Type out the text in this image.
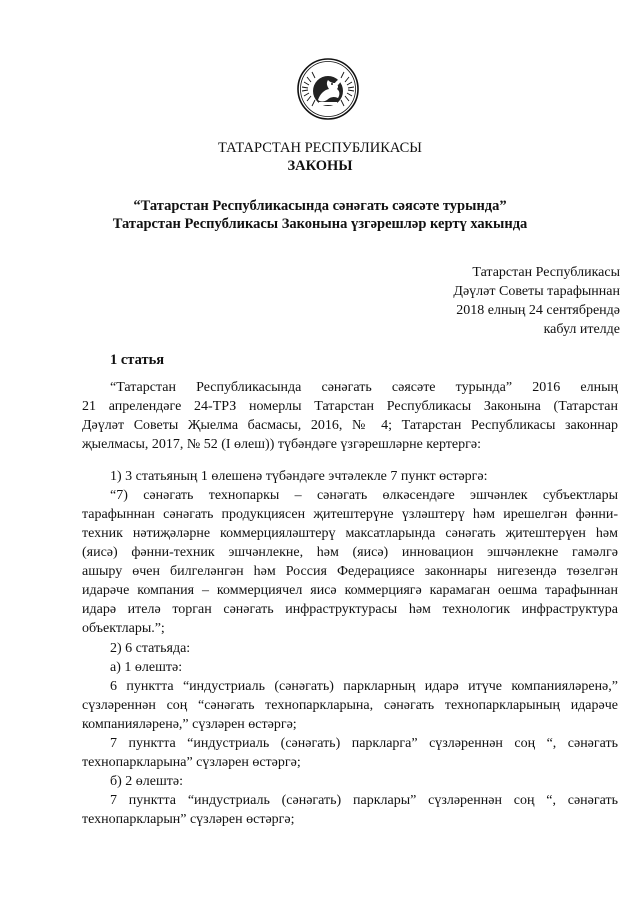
ТАТАРСТАН РЕСПУБЛИКАСЫ
ЗАКОНЫ
“Татарстан Республикасында сәнәгать сәясәте турында”
Татарстан Республикасы Законына үзгәрешләр кертү хакында
Татарстан Республикасы
Дәүләт Советы тарафыннан
2018 елның 24 сентябрендә
кабул ителде
1 статья
“Татарстан Республикасында сәнәгать сәясәте турында” 2016 елның
21 апрелендәге 24-ТРЗ номерлы Татарстан Республикасы Законына (Татарстан
Дәүләт Советы Җыелма басмасы, 2016, № 4; Татарстан Республикасы законнар
җыелмасы, 2017, № 52 (I өлеш)) түбәндәге үзгәрешләрне кертергә:
1) 3 статьяның 1 өлешенә түбәндәге эчтәлекле 7 пункт өстәргә:
“7) сәнәгать технопаркы – сәнәгать өлкәсендәге эшчәнлек субъектлары
тарафыннан сәнәгать продукциясен җитештерүне үзләштерү һәм ирешелгән фәнни-
техник нәтиҗәләрне коммерцияләштерү максатларында сәнәгать җитештерүен һәм
(яисә) фәнни-техник эшчәнлекне, һәм (яисә) инновацион эшчәнлекне гамәлгә
ашыру өчен билгеләнгән һәм Россия Федерациясе законнары нигезендә төзелгән
идарәче компания – коммерциячел яисә коммерциягә карамаган оешма тарафыннан
идарә ителә торган сәнәгать инфраструктурасы һәм технологик инфраструктура
объектлары.”;
2) 6 статьяда:
а) 1 өлештә:
6 пунктта “индустриаль (сәнәгать) паркларның идарә итүче компанияләренә,”
сүзләреннән соң “сәнәгать технопаркларына, сәнәгать технопаркларының идарәче
компанияләренә,” сүзләрен өстәргә;
7 пунктта “индустриаль (сәнәгать) паркларга” сүзләреннән соң “, сәнәгать
технопаркларына” сүзләрен өстәргә;
б) 2 өлештә:
7 пунктта “индустриаль (сәнәгать) парклары” сүзләреннән соң “, сәнәгать
технопаркларын” сүзләрен өстәргә;
